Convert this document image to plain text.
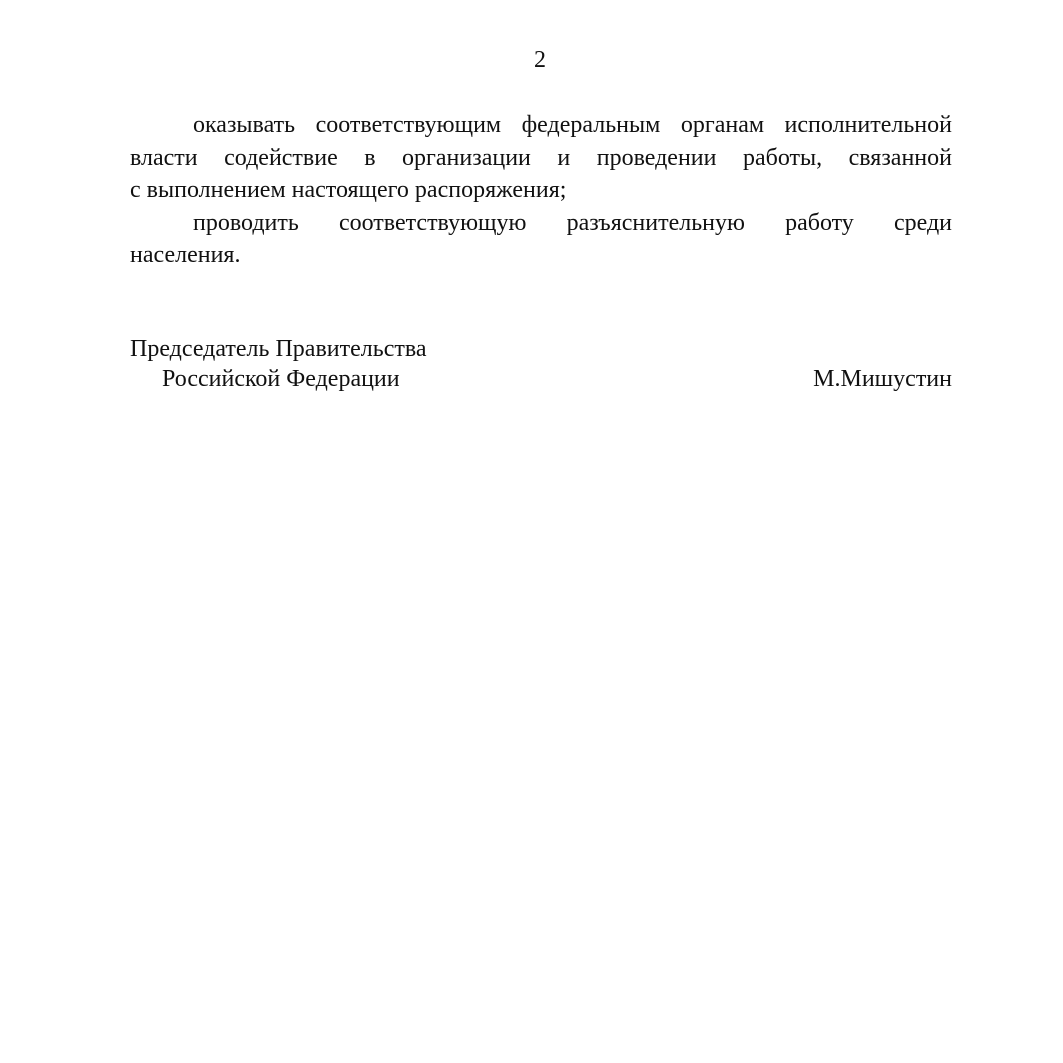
2
оказывать соответствующим федеральным органам исполнительной
власти содействие в организации и проведении работы, связанной
с выполнением настоящего распоряжения;
проводить соответствующую разъяснительную работу среди
населения.
Председатель Правительства
Российской Федерации	М.Мишустин
